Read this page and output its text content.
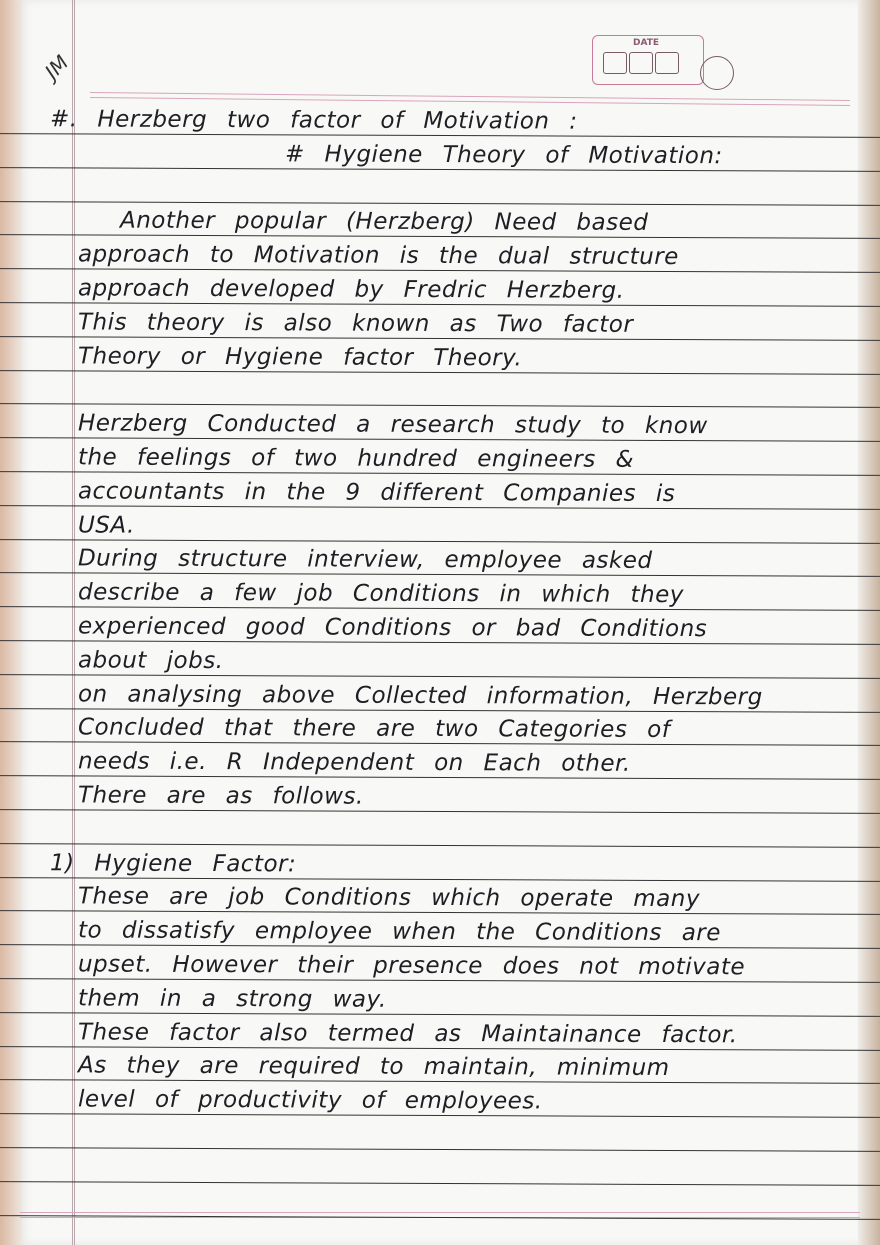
DATE
JM
#. Herzberg two factor of Motivation :
# Hygiene Theory of Motivation:
Another popular (Herzberg) Need based
approach to Motivation is the dual structure
approach developed by Fredric Herzberg.
This theory is also known as Two factor
Theory or Hygiene factor Theory.
Herzberg Conducted a research study to know
the feelings of two hundred engineers &
accountants in the 9 different Companies is
USA.
During structure interview, employee asked
describe a few job Conditions in which they
experienced good Conditions or bad Conditions
about jobs.
on analysing above Collected information, Herzberg
Concluded that there are two Categories of
needs i.e. R Independent on Each other.
There are as follows.
1) Hygiene Factor:
These are job Conditions which operate many
to dissatisfy employee when the Conditions are
upset. However their presence does not motivate
them in a strong way.
These factor also termed as Maintainance factor.
As they are required to maintain, minimum
level of productivity of employees.
